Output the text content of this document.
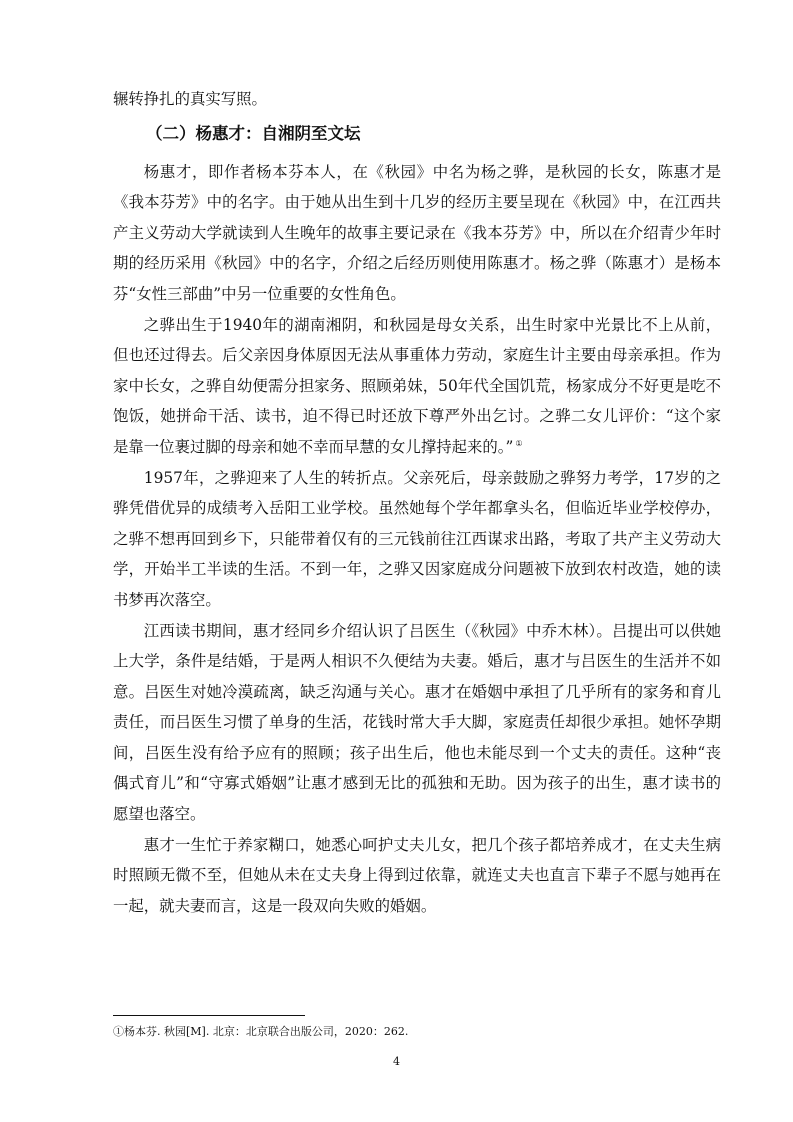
辗转挣扎的真实写照。

（二）杨惠才：自湘阴至文坛

杨惠才，即作者杨本芬本人，在《秋园》中名为杨之骅，是秋园的长女，陈惠才是《我本芬芳》中的名字。由于她从出生到十几岁的经历主要呈现在《秋园》中，在江西共产主义劳动大学就读到人生晚年的故事主要记录在《我本芬芳》中，所以在介绍青少年时期的经历采用《秋园》中的名字，介绍之后经历则使用陈惠才。杨之骅（陈惠才）是杨本芬“女性三部曲”中另一位重要的女性角色。

之骅出生于1940年的湖南湘阴，和秋园是母女关系，出生时家中光景比不上从前，但也还过得去。后父亲因身体原因无法从事重体力劳动，家庭生计主要由母亲承担。作为家中长女，之骅自幼便需分担家务、照顾弟妹，50年代全国饥荒，杨家成分不好更是吃不饱饭，她拼命干活、读书，迫不得已时还放下尊严外出乞讨。之骅二女儿评价：“这个家是靠一位裹过脚的母亲和她不幸而早慧的女儿撑持起来的。” ①

1957年，之骅迎来了人生的转折点。父亲死后，母亲鼓励之骅努力考学，17岁的之骅凭借优异的成绩考入岳阳工业学校。虽然她每个学年都拿头名，但临近毕业学校停办，之骅不想再回到乡下，只能带着仅有的三元钱前往江西谋求出路，考取了共产主义劳动大学，开始半工半读的生活。不到一年，之骅又因家庭成分问题被下放到农村改造，她的读书梦再次落空。

江西读书期间，惠才经同乡介绍认识了吕医生（《秋园》中乔木林）。吕提出可以供她上大学，条件是结婚，于是两人相识不久便结为夫妻。婚后，惠才与吕医生的生活并不如意。吕医生对她冷漠疏离，缺乏沟通与关心。惠才在婚姻中承担了几乎所有的家务和育儿责任，而吕医生习惯了单身的生活，花钱时常大手大脚，家庭责任却很少承担。她怀孕期间，吕医生没有给予应有的照顾；孩子出生后，他也未能尽到一个丈夫的责任。这种“丧偶式育儿”和“守寡式婚姻”让惠才感到无比的孤独和无助。因为孩子的出生，惠才读书的愿望也落空。

惠才一生忙于养家糊口，她悉心呵护丈夫儿女，把几个孩子都培养成才，在丈夫生病时照顾无微不至，但她从未在丈夫身上得到过依靠，就连丈夫也直言下辈子不愿与她再在一起，就夫妻而言，这是一段双向失败的婚姻。

①杨本芬. 秋园[M]. 北京：北京联合出版公司，2020：262.
4
